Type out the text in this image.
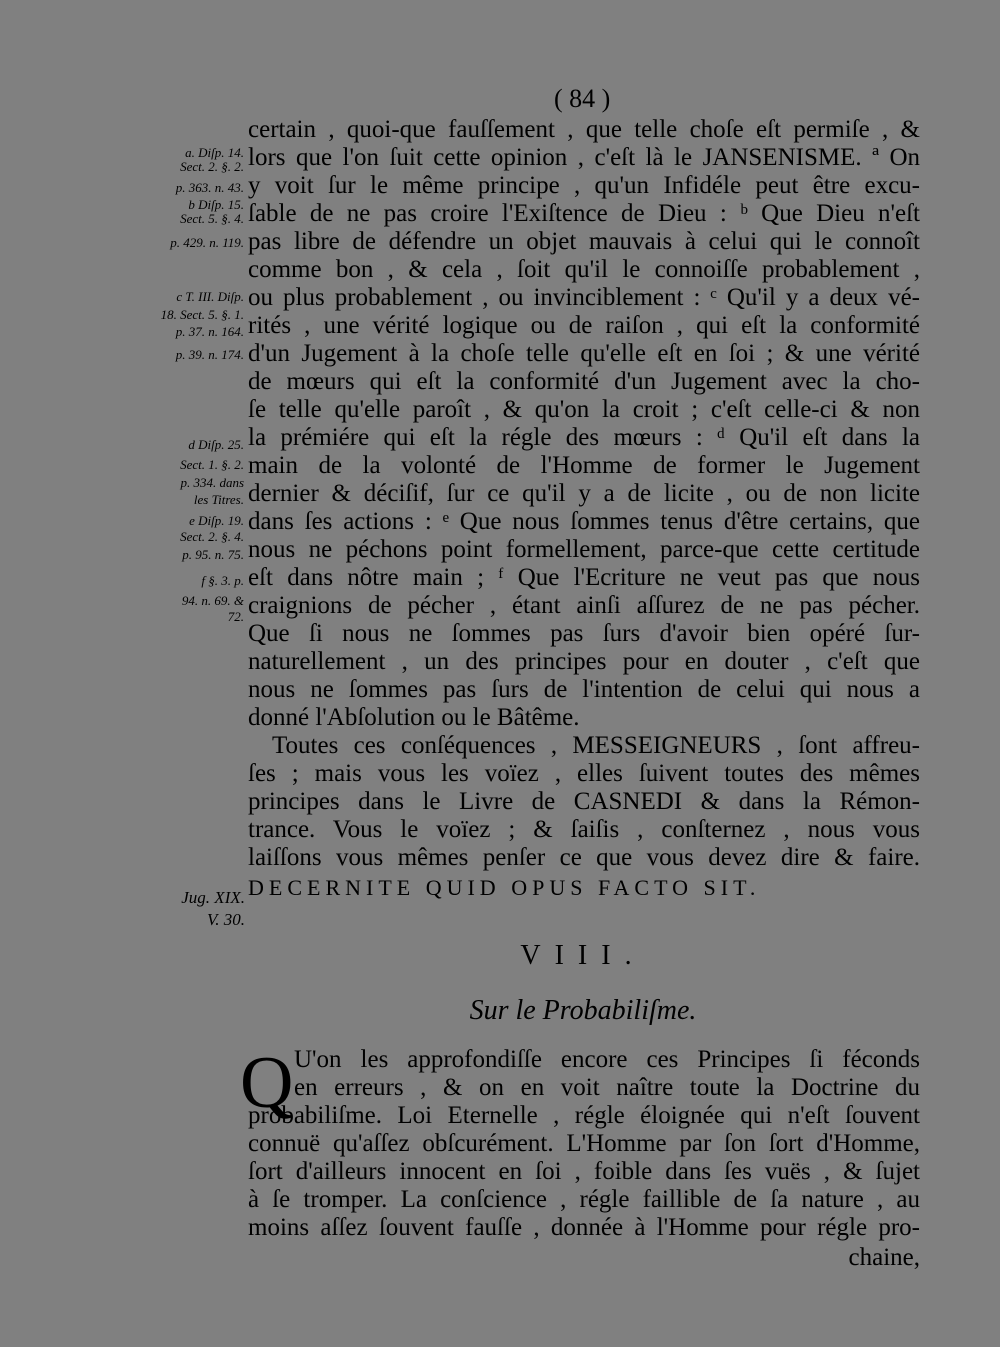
( 84 )
certain , quoi-que fauſſement , que telle choſe eſt permiſe , &
lors que l'on ſuit cette opinion , c'eſt là le JANSENISME. ª On
y voit ſur le même principe , qu'un Infidéle peut être excu-
ſable de ne pas croire l'Exiſtence de Dieu : ᵇ Que Dieu n'eſt
pas libre de défendre un objet mauvais à celui qui le connoît
comme bon , & cela , ſoit qu'il le connoiſſe probablement ,
ou plus probablement , ou invinciblement : ᶜ Qu'il y a deux vé-
rités , une vérité logique ou de raiſon , qui eſt la conformité
d'un Jugement à la choſe telle qu'elle eſt en ſoi ; & une vérité
de mœurs qui eſt la conformité d'un Jugement avec la cho-
ſe telle qu'elle paroît , & qu'on la croit ; c'eſt celle-ci & non
la prémiére qui eſt la régle des mœurs : ᵈ Qu'il eſt dans la
main de la volonté de l'Homme de former le Jugement
dernier & déciſif, ſur ce qu'il y a de licite , ou de non licite
dans ſes actions : ᵉ Que nous ſommes tenus d'être certains, que
nous ne péchons point formellement, parce-que cette certitude
eſt dans nôtre main ; ᶠ Que l'Ecriture ne veut pas que nous
craignions de pécher , étant ainſi aſſurez de ne pas pécher.
Que ſi nous ne ſommes pas ſurs d'avoir bien opéré ſur-
naturellement , un des principes pour en douter , c'eſt que
nous ne ſommes pas ſurs de l'intention de celui qui nous a
donné l'Abſolution ou le Bâtême.
Toutes ces conſéquences , MESSEIGNEURS , ſont affreu-
ſes ; mais vous les voïez , elles ſuivent toutes des mêmes
principes dans le Livre de CASNEDI & dans la Rémon-
trance. Vous le voïez ; & ſaiſis , conſternez , nous vous
laiſſons vous mêmes penſer ce que vous devez dire & faire.
DECERNITE QUID OPUS FACTO SIT.
a. Diſp. 14.
Sect. 2. §. 2.
p. 363. n. 43.
b Diſp. 15.
Sect. 5. §. 4.
p. 429. n. 119.
c T. III. Diſp.
18. Sect. 5. §. 1.
p. 37. n. 164.
p. 39. n. 174.
d Diſp. 25.
Sect. 1. §. 2.
p. 334. dans
les Titres.
e Diſp. 19.
Sect. 2. §. 4.
p. 95. n. 75.
f §. 3. p.
94. n. 69. &
72.
Jug. XIX.
V. 30.
VIII.
Sur le Probabiliſme.
Q U'on les approfondiſſe encore ces Principes ſi féconds
en erreurs , & on en voit naître toute la Doctrine du
probabiliſme. Loi Eternelle , régle éloignée qui n'eſt ſouvent
connuë qu'aſſez obſcurément. L'Homme par ſon ſort d'Homme,
ſort d'ailleurs innocent en ſoi , foible dans ſes vuës , & ſujet
à ſe tromper. La conſcience , régle faillible de ſa nature , au
moins aſſez ſouvent fauſſe , donnée à l'Homme pour régle pro-
chaine,
